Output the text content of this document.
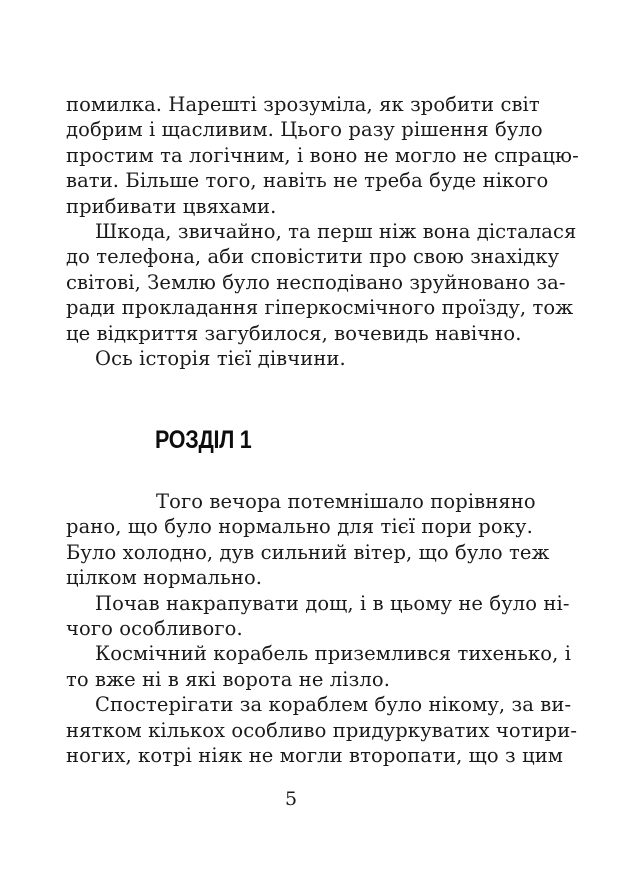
помилка. Нарешті зрозуміла, як зробити світ
добрим і щасливим. Цього разу рішення було
простим та логічним, і воно не могло не спрацю-
вати. Більше того, навіть не треба буде нікого
прибивати цвяхами.
Шкода, звичайно, та перш ніж вона дісталася
до телефона, аби сповістити про свою знахідку
світові, Землю було несподівано зруйновано за-
ради прокладання гіперкосмічного проїзду, тож
це відкриття загубилося, вочевидь навічно.
Ось історія тієї дівчини.
РОЗДІЛ 1
Того вечора потемнішало порівняно
рано, що було нормально для тієї пори року.
Було холодно, дув сильний вітер, що було теж
цілком нормально.
Почав накрапувати дощ, і в цьому не було ні-
чого особливого.
Космічний корабель приземлився тихенько, і
то вже ні в які ворота не лізло.
Спостерігати за кораблем було нікому, за ви-
нятком кількох особливо придуркуватих чотири-
ногих, котрі ніяк не могли второпати, що з цим
5
